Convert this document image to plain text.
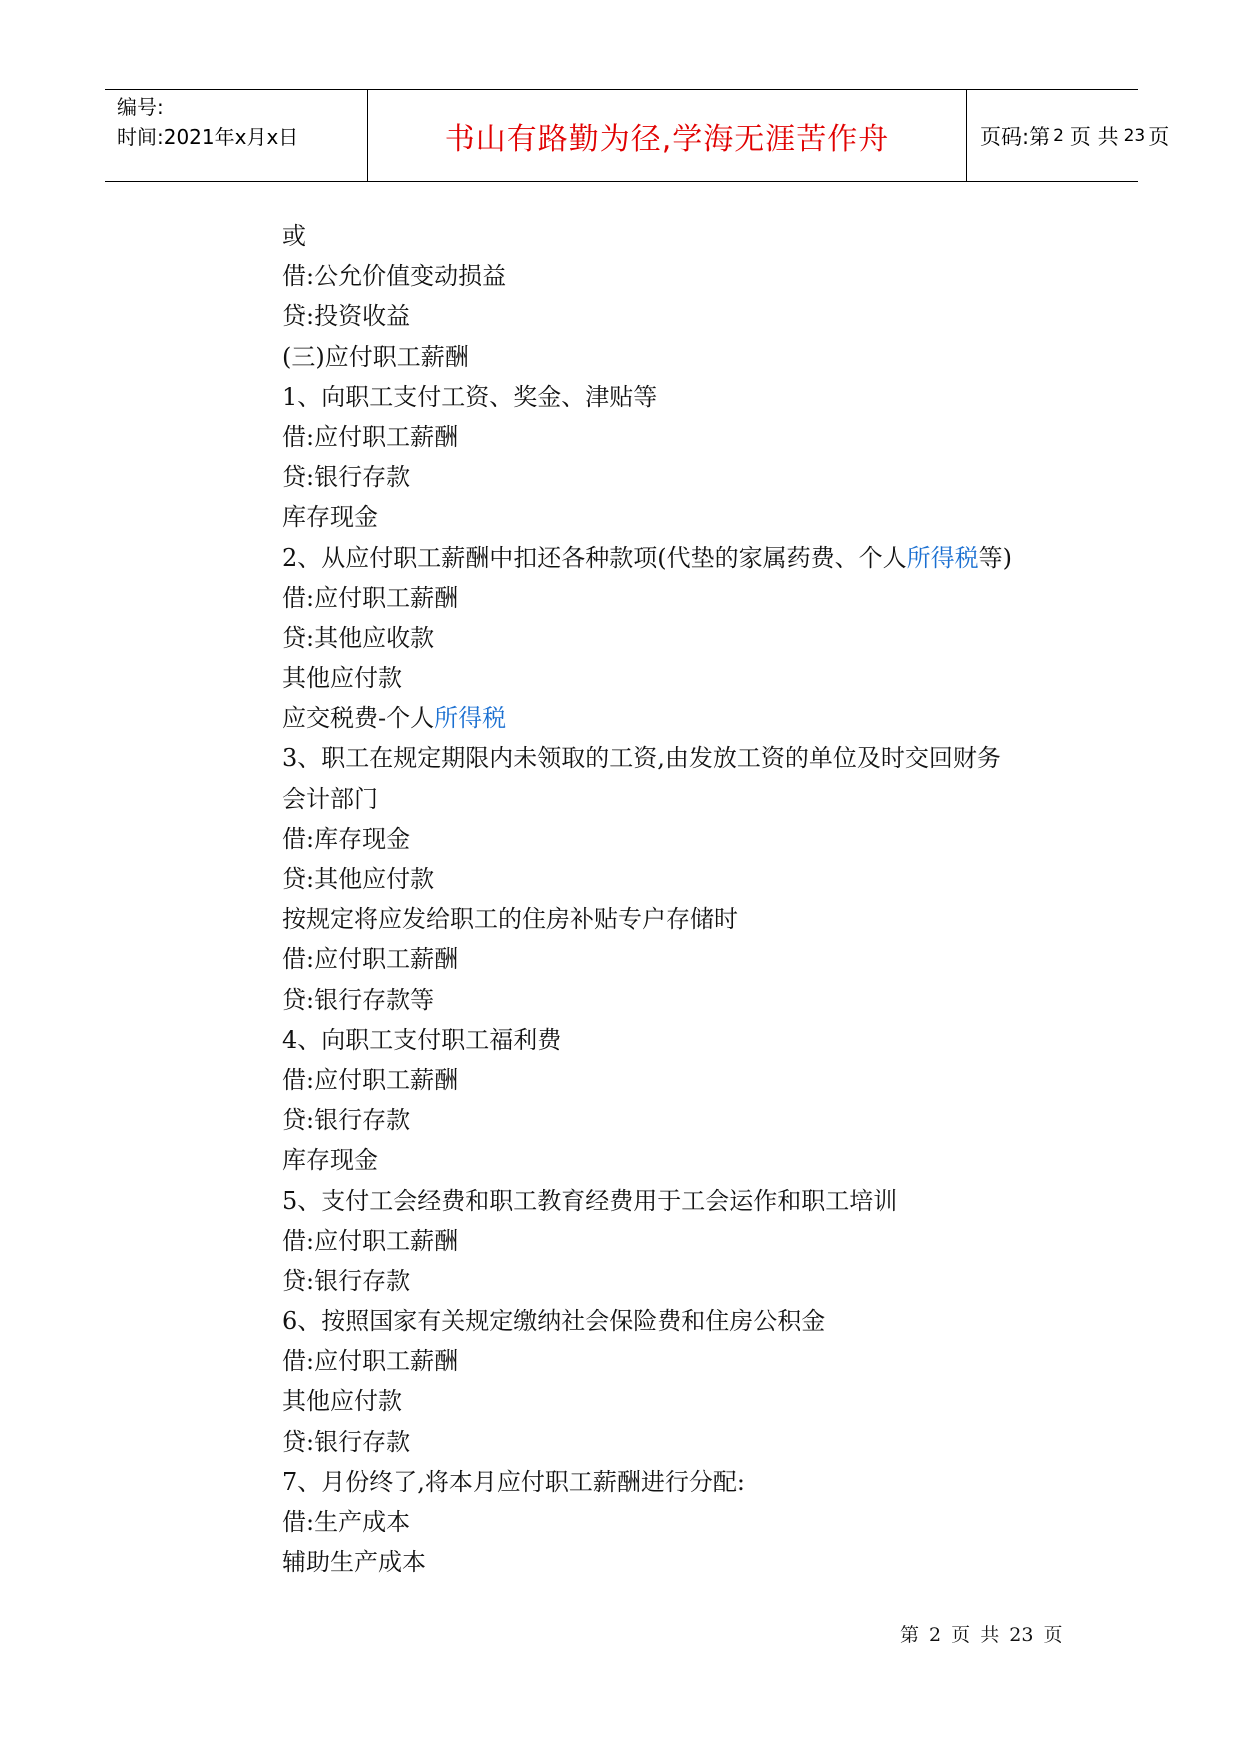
编号:
时间:2021年x月x日	书山有路勤为径,学海无涯苦作舟	页码:第 2 页 共 23 页
或
借:公允价值变动损益
贷:投资收益
(三)应付职工薪酬
1、向职工支付工资、奖金、津贴等
借:应付职工薪酬
贷:银行存款
库存现金
2、从应付职工薪酬中扣还各种款项(代垫的家属药费、个人所得税等)
借:应付职工薪酬
贷:其他应收款
其他应付款
应交税费-个人所得税
3、职工在规定期限内未领取的工资,由发放工资的单位及时交回财务
会计部门
借:库存现金
贷:其他应付款
按规定将应发给职工的住房补贴专户存储时
借:应付职工薪酬
贷:银行存款等
4、向职工支付职工福利费
借:应付职工薪酬
贷:银行存款
库存现金
5、支付工会经费和职工教育经费用于工会运作和职工培训
借:应付职工薪酬
贷:银行存款
6、按照国家有关规定缴纳社会保险费和住房公积金
借:应付职工薪酬
其他应付款
贷:银行存款
7、月份终了,将本月应付职工薪酬进行分配:
借:生产成本
辅助生产成本
第 2 页 共 23 页
